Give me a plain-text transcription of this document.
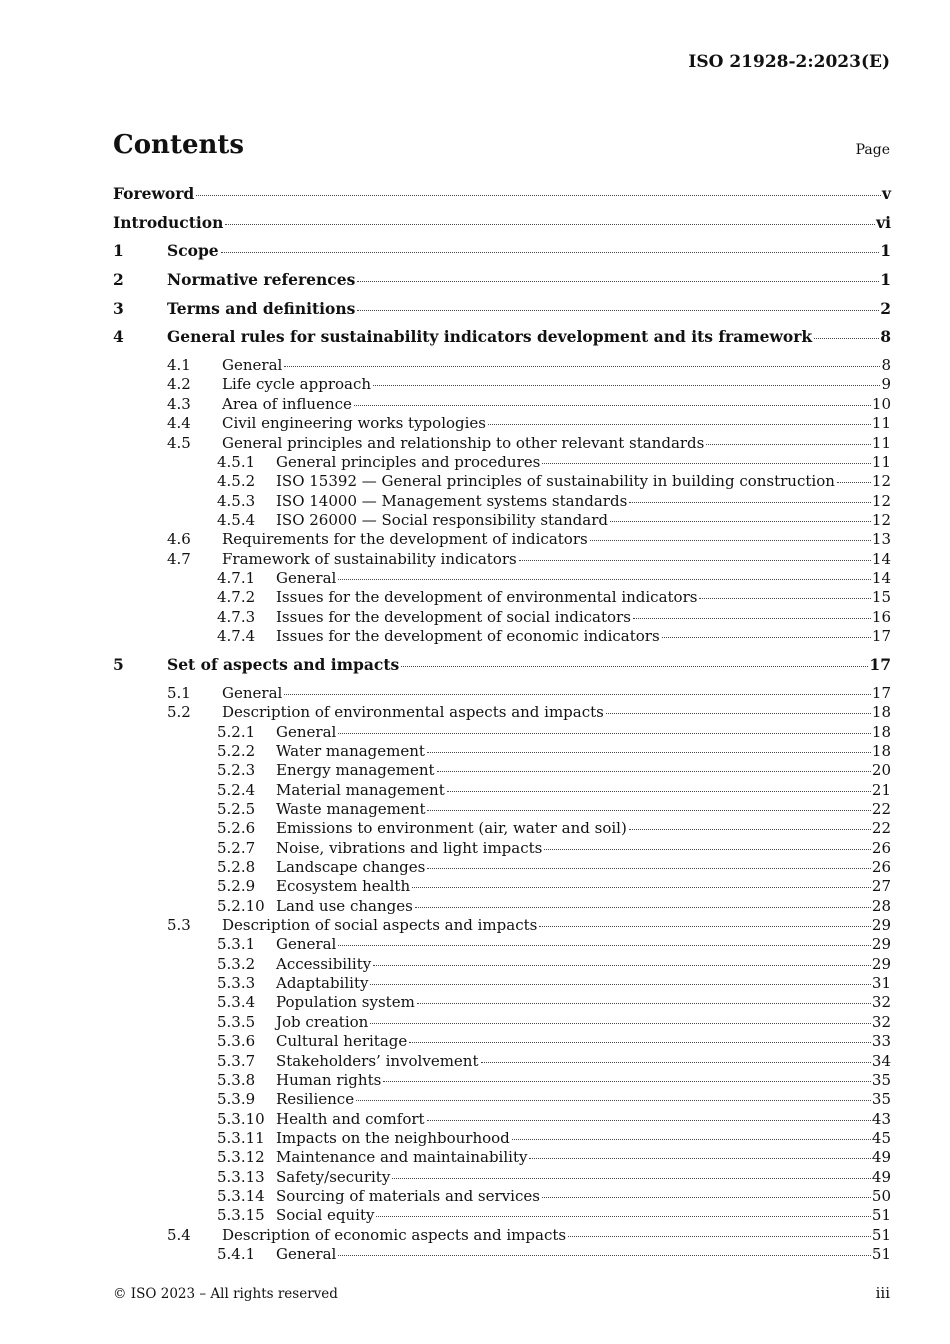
ISO 21928-2:2023(E)
Contents	Page
Foreword	v
Introduction	vi
1	Scope	1
2	Normative references	1
3	Terms and definitions	2
4	General rules for sustainability indicators development and its framework	8
4.1	General	8
4.2	Life cycle approach	9
4.3	Area of influence	10
4.4	Civil engineering works typologies	11
4.5	General principles and relationship to other relevant standards	11
4.5.1	General principles and procedures	11
4.5.2	ISO 15392 — General principles of sustainability in building construction 12
4.5.3	ISO 14000 — Management systems standards	12
4.5.4	ISO 26000 — Social responsibility standard	12
4.6	Requirements for the development of indicators	13
4.7	Framework of sustainability indicators	14
4.7.1	General	14
4.7.2	Issues for the development of environmental indicators	15
4.7.3	Issues for the development of social indicators	16
4.7.4	Issues for the development of economic indicators	17
5	Set of aspects and impacts	17
5.1	General	17
5.2	Description of environmental aspects and impacts	18
5.2.1	General	18
5.2.2	Water management	18
5.2.3	Energy management	20
5.2.4	Material management	21
5.2.5	Waste management	22
5.2.6	Emissions to environment (air, water and soil)	22
5.2.7	Noise, vibrations and light impacts	26
5.2.8	Landscape changes	26
5.2.9	Ecosystem health	27
5.2.10 Land use changes	28
5.3	Description of social aspects and impacts	29
5.3.1	General	29
5.3.2	Accessibility	29
5.3.3	Adaptability	31
5.3.4	Population system	32
5.3.5	Job creation	32
5.3.6	Cultural heritage	33
5.3.7	Stakeholders’ involvement	34
5.3.8	Human rights	35
5.3.9	Resilience	35
5.3.10 Health and comfort	43
5.3.11 Impacts on the neighbourhood	45
5.3.12 Maintenance and maintainability	49
5.3.13 Safety/security	49
5.3.14 Sourcing of materials and services	50
5.3.15 Social equity	51
5.4	Description of economic aspects and impacts	51
5.4.1	General	51
© ISO 2023 – All rights reserved	iii
